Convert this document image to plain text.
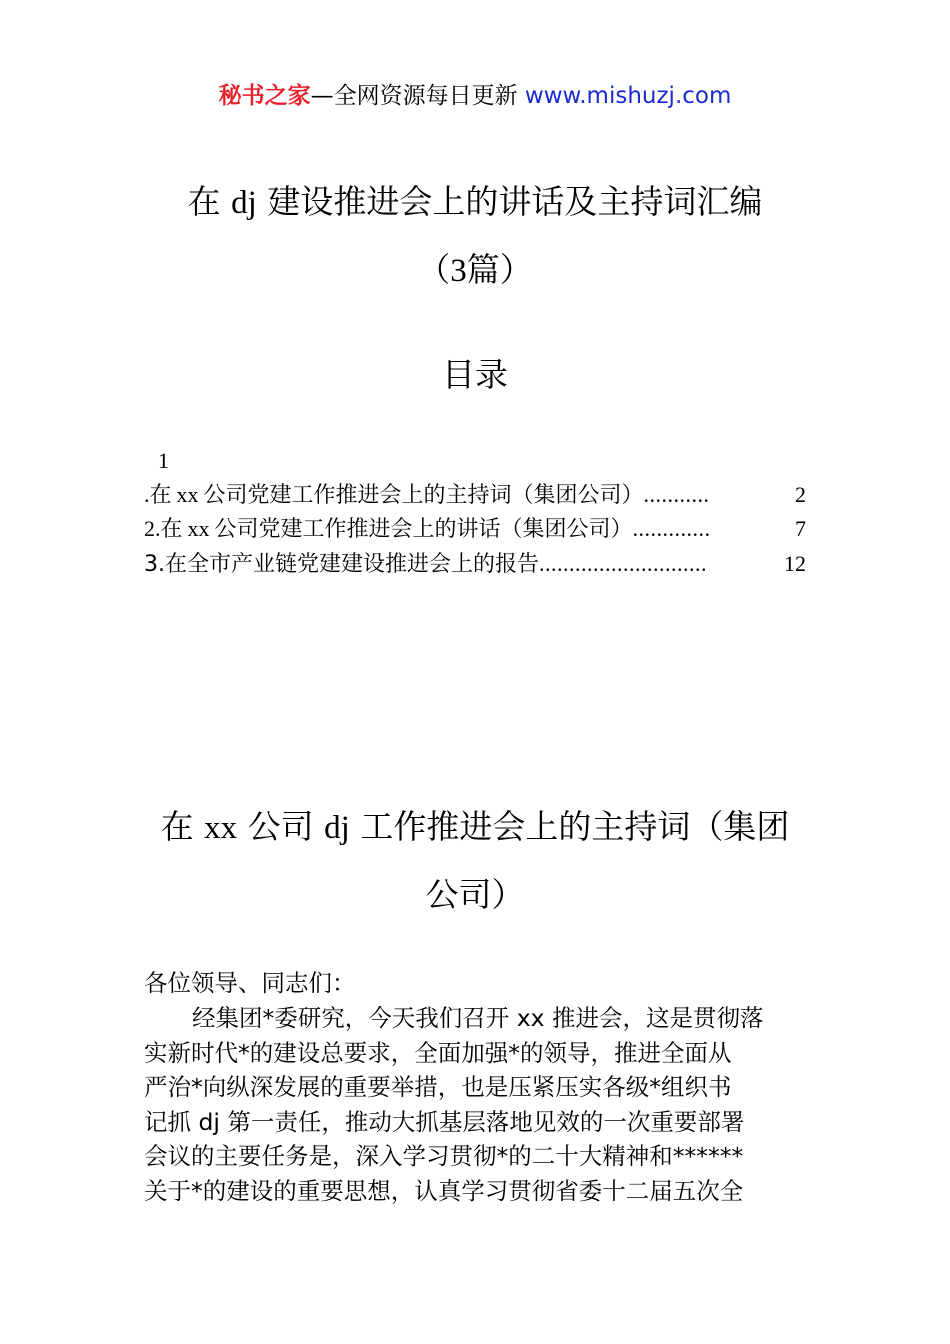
秘书之家—全网资源每日更新 www.mishuzj.com
在 dj 建设推进会上的讲话及主持词汇编
（3篇）
目录
1
.在 xx 公司党建工作推进会上的主持词（集团公司） ...........	2
2.在 xx 公司党建工作推进会上的讲话（集团公司） .............	7
3.在全市产业链党建建设推进会上的报告 ............................	12
在 xx 公司 dj 工作推进会上的主持词（集团
公司）
各位领导、同志们：
经集团*委研究，今天我们召开 xx 推进会，这是贯彻落
实新时代*的建设总要求，全面加强*的领导，推进全面从
严治*向纵深发展的重要举措，也是压紧压实各级*组织书
记抓 dj 第一责任，推动大抓基层落地见效的一次重要部署
会议的主要任务是，深入学习贯彻*的二十大精神和******
关于*的建设的重要思想，认真学习贯彻省委十二届五次全
